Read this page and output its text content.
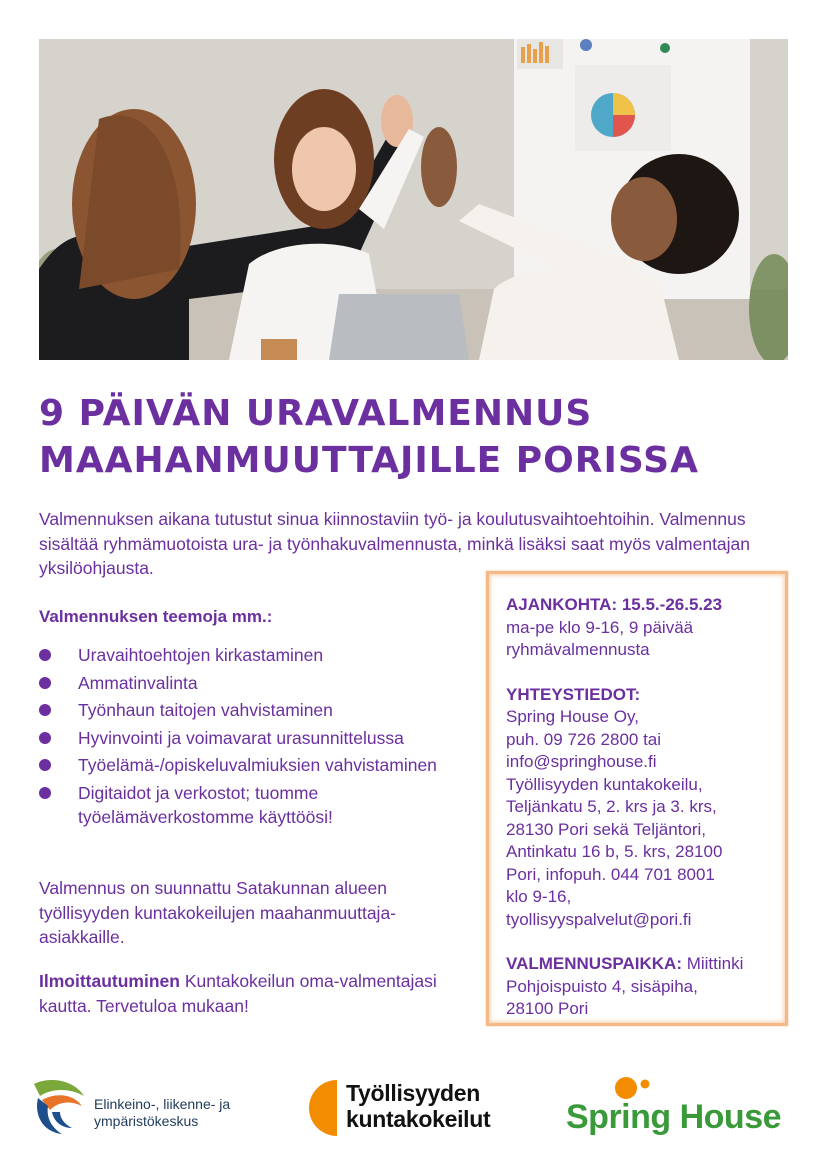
9 PÄIVÄN URAVALMENNUS
MAAHANMUUTTAJILLE PORISSA

Valmennuksen aikana tutustut sinua kiinnostaviin työ- ja koulutusvaihtoehtoihin. Valmennus sisältää ryhmämuotoista ura- ja työnhakuvalmennusta, minkä lisäksi saat myös valmentajan yksilöohjausta.

Valmennuksen teemoja mm.:
Uravaihtoehtojen kirkastaminen
Ammatinvalinta
Työnhaun taitojen vahvistaminen
Hyvinvointi ja voimavarat urasunnittelussa
Työelämä-/opiskeluvalmiuksien vahvistaminen
Digitaidot ja verkostot; tuomme työelämäverkostomme käyttöösi!

Valmennus on suunnattu Satakunnan alueen työllisyyden kuntakokeilujen maahanmuuttaja-asiakkaille.

Ilmoittautuminen Kuntakokeilun oma-valmentajasi kautta. Tervetuloa mukaan!

AJANKOHTA: 15.5.-26.5.23
ma-pe klo 9-16, 9 päivää ryhmävalmennusta
YHTEYSTIEDOT:
Spring House Oy,
puh. 09 726 2800 tai
info@springhouse.fi
Työllisyyden kuntakokeilu,
Teljänkatu 5, 2. krs ja 3. krs,
28130 Pori sekä Teljäntori,
Antinkatu 16 b, 5. krs, 28100
Pori, infopuh. 044 701 8001
klo 9-16,
tyollisyyspalvelut@pori.fi
VALMENNUSPAIKKA: Miittinki
Pohjoispuisto 4, sisäpiha,
28100 Pori
Elinkeino-, liikenne- ja
ympäristökeskus
Työllisyyden
kuntakokeilut Spring House
